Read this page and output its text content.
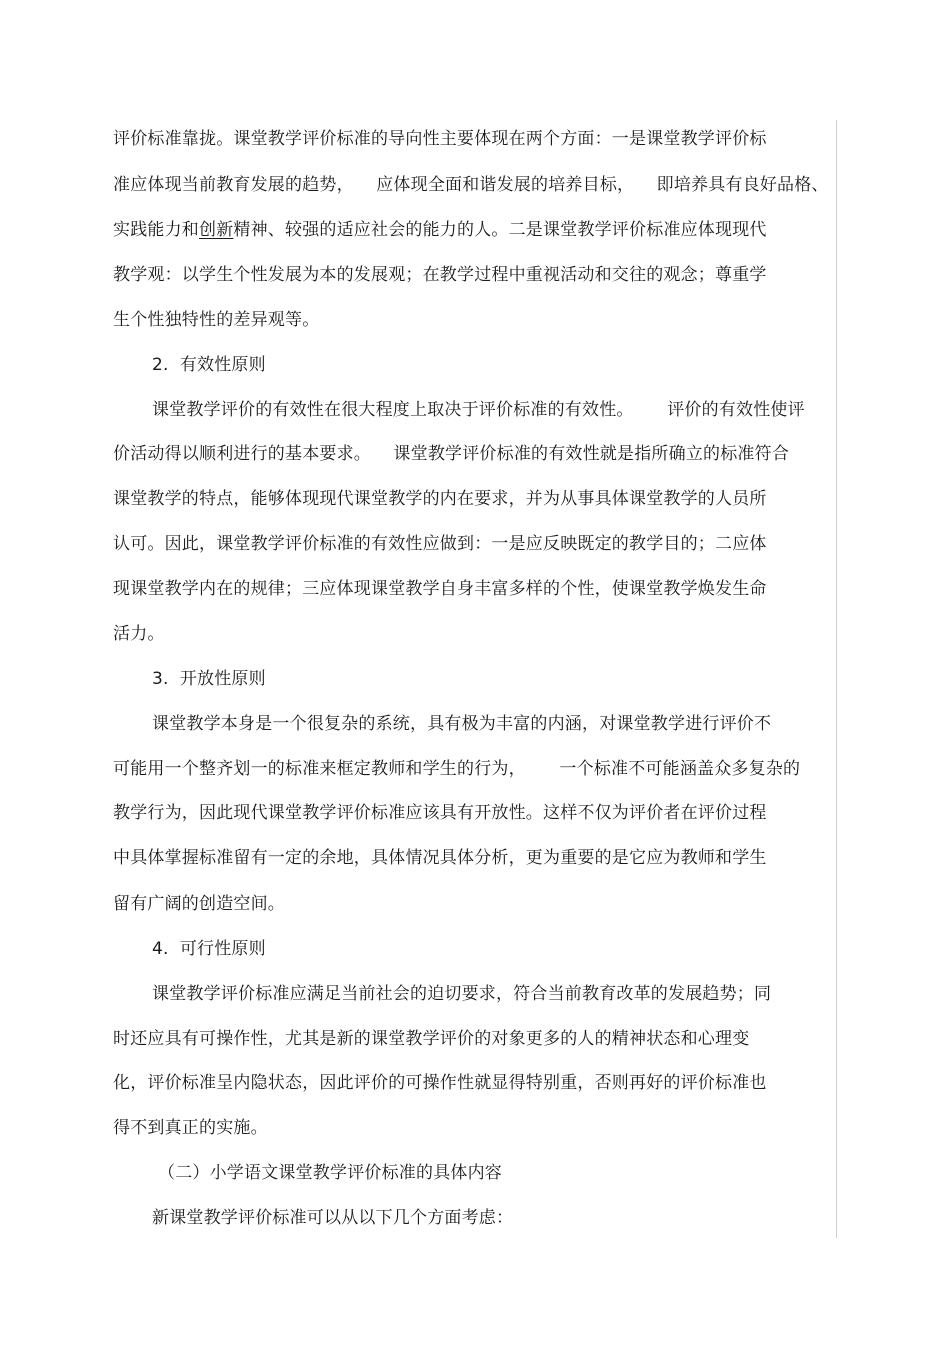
评价标准靠拢。课堂教学评价标准的导向性主要体现在两个方面：一是课堂教学评价标
准应体现当前教育发展的趋势，    应体现全面和谐发展的培养目标，    即培养具有良好品格、
实践能力和创新精神、较强的适应社会的能力的人。二是课堂教学评价标准应体现现代
教学观：以学生个性发展为本的发展观；在教学过程中重视活动和交往的观念；尊重学
生个性独特性的差异观等。
2.  有效性原则
课堂教学评价的有效性在很大程度上取决于评价标准的有效性。      评价的有效性使评
价活动得以顺利进行的基本要求。    课堂教学评价标准的有效性就是指所确立的标准符合
课堂教学的特点，能够体现现代课堂教学的内在要求，并为从事具体课堂教学的人员所
认可。因此，课堂教学评价标准的有效性应做到：一是应反映既定的教学目的；二应体
现课堂教学内在的规律；三应体现课堂教学自身丰富多样的个性，使课堂教学焕发生命
活力。
3.  开放性原则
课堂教学本身是一个很复杂的系统，具有极为丰富的内涵，对课堂教学进行评价不
可能用一个整齐划一的标准来框定教师和学生的行为，      一个标准不可能涵盖众多复杂的
教学行为，因此现代课堂教学评价标准应该具有开放性。这样不仅为评价者在评价过程
中具体掌握标准留有一定的余地，具体情况具体分析，更为重要的是它应为教师和学生
留有广阔的创造空间。
4.  可行性原则
课堂教学评价标准应满足当前社会的迫切要求，符合当前教育改革的发展趋势；同
时还应具有可操作性，尤其是新的课堂教学评价的对象更多的人的精神状态和心理变
化，评价标准呈内隐状态，因此评价的可操作性就显得特别重，否则再好的评价标准也
得不到真正的实施。
（二）小学语文课堂教学评价标准的具体内容
新课堂教学评价标准可以从以下几个方面考虑：
